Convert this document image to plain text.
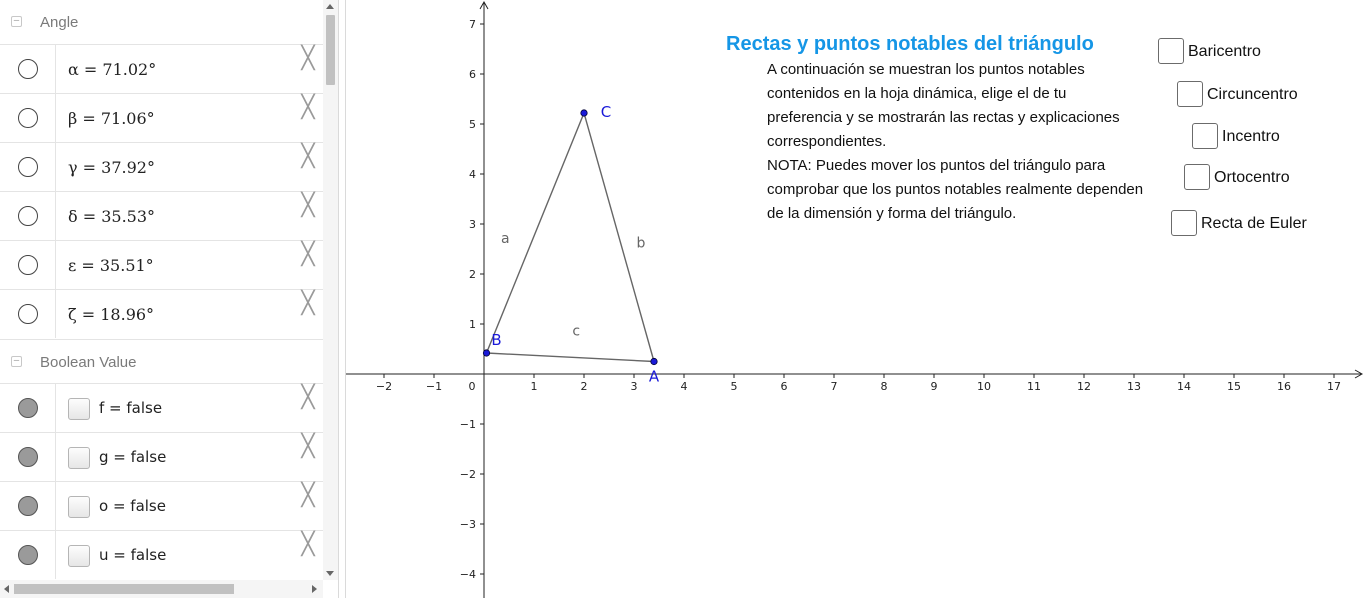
− Angle
α = 71.02°	╳
β = 71.06°	╳
γ = 37.92°	╳
δ = 35.53°	╳
ε = 35.51°	╳
ζ = 18.96°	╳
− Boolean Value
f = false	╳
g = false	╳
o = false	╳
u = false	╳
−2	−1 0	1	2	3	4	5	6	7	8	9	10	11	12	13	14	15	16	17
−4
−3
−2
−1
1
2
3
4
5
6
7
a	b
c
A
B
C
Rectas y puntos notables del triángulo
A continuación se muestran los puntos notables
contenidos en la hoja dinámica, elige el de tu
preferencia y se mostrarán las rectas y explicaciones
correspondientes.
NOTA: Puedes mover los puntos del triángulo para
comprobar que los puntos notables realmente dependen
de la dimensión y forma del triángulo.
Baricentro
Circuncentro
Incentro
Ortocentro
Recta de Euler
